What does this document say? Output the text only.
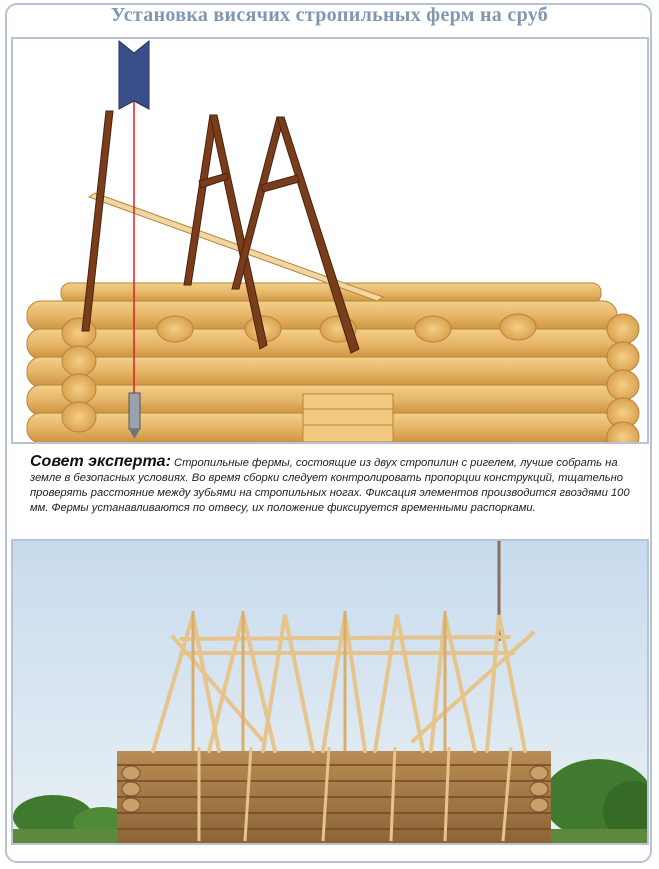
Установка висячих стропильных ферм на сруб
Совет эксперта: Стропильные фермы, состоящие из двух стропилин с ригелем, лучше собрать на земле в безопасных условиях. Во время сборки следует контролировать пропорции конструкций, тщательно проверять расстояние между зубьями на стропильных ногах. Фиксация элементов производится гвоздями 100 мм. Фермы устанавливаются по отвесу, их положение фиксируется временными распорками.
